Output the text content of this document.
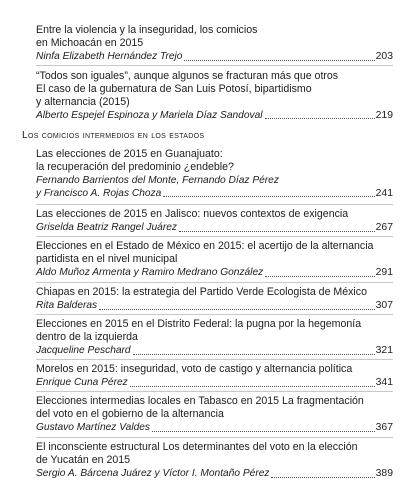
Entre la violencia y la inseguridad, los comicios
en Michoacán en 2015
Ninfa Elizabeth Hernández Trejo	203
“Todos son iguales”, aunque algunos se fracturan más que otros
El caso de la gubernatura de San Luis Potosí, bipartidismo
y alternancia (2015)
Alberto Espejel Espinoza y Mariela Díaz Sandoval	219
Los comicios intermedios en los estados
Las elecciones de 2015 en Guanajuato:
la recuperación del predominio ¿endeble?
Fernando Barrientos del Monte, Fernando Díaz Pérez
y Francisco A. Rojas Choza	241
Las elecciones de 2015 en Jalisco: nuevos contextos de exigencia
Griselda Beatriz Rangel Juárez	267
Elecciones en el Estado de México en 2015: el acertijo de la alternancia
partidista en el nivel municipal
Aldo Muñoz Armenta y Ramiro Medrano González	291
Chiapas en 2015: la estrategia del Partido Verde Ecologista de México
Rita Balderas	307
Elecciones en 2015 en el Distrito Federal: la pugna por la hegemonía
dentro de la izquierda
Jacqueline Peschard	321
Morelos en 2015: inseguridad, voto de castigo y alternancia política
Enrique Cuna Pérez	341
Elecciones intermedias locales en Tabasco en 2015 La fragmentación
del voto en el gobierno de la alternancia
Gustavo Martínez Valdes	367
El inconsciente estructural Los determinantes del voto en la elección
de Yucatán en 2015
Sergio A. Bárcena Juárez y Víctor I. Montaño Pérez	389
